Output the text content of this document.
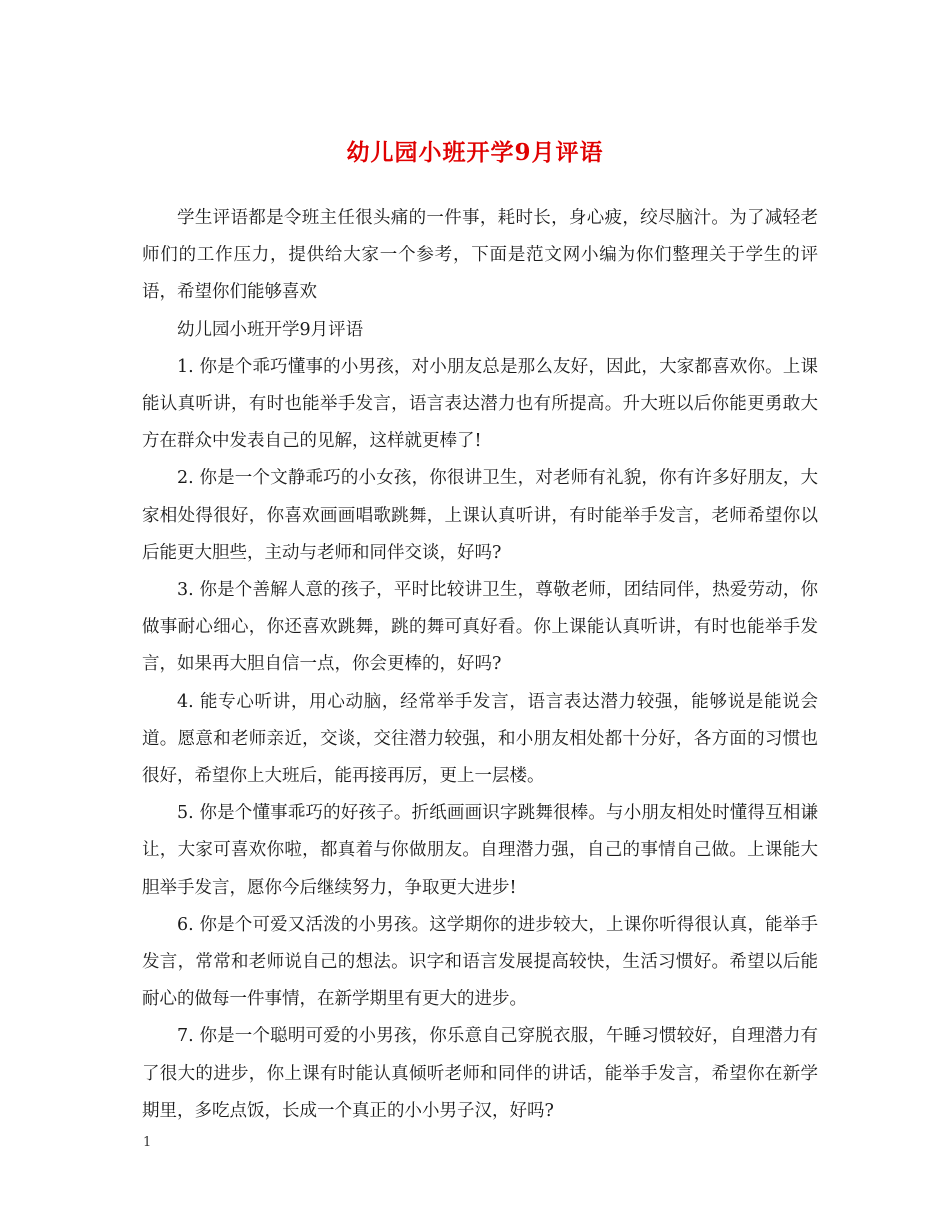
幼儿园小班开学9月评语

学生评语都是令班主任很头痛的一件事，耗时长，身心疲，绞尽脑汁。为了减轻老师们的工作压力，提供给大家一个参考，下面是范文网小编为你们整理关于学生的评语，希望你们能够喜欢

幼儿园小班开学9月评语

1. 你是个乖巧懂事的小男孩，对小朋友总是那么友好，因此，大家都喜欢你。上课能认真听讲，有时也能举手发言，语言表达潜力也有所提高。升大班以后你能更勇敢大方在群众中发表自己的见解，这样就更棒了!

2. 你是一个文静乖巧的小女孩，你很讲卫生，对老师有礼貌，你有许多好朋友，大家相处得很好，你喜欢画画唱歌跳舞，上课认真听讲，有时能举手发言，老师希望你以后能更大胆些，主动与老师和同伴交谈，好吗?

3. 你是个善解人意的孩子，平时比较讲卫生，尊敬老师，团结同伴，热爱劳动，你做事耐心细心，你还喜欢跳舞，跳的舞可真好看。你上课能认真听讲，有时也能举手发言，如果再大胆自信一点，你会更棒的，好吗?

4. 能专心听讲，用心动脑，经常举手发言，语言表达潜力较强，能够说是能说会道。愿意和老师亲近，交谈，交往潜力较强，和小朋友相处都十分好，各方面的习惯也很好，希望你上大班后，能再接再厉，更上一层楼。

5. 你是个懂事乖巧的好孩子。折纸画画识字跳舞很棒。与小朋友相处时懂得互相谦让，大家可喜欢你啦，都真着与你做朋友。自理潜力强，自己的事情自己做。上课能大胆举手发言，愿你今后继续努力，争取更大进步!

6. 你是个可爱又活泼的小男孩。这学期你的进步较大，上课你听得很认真，能举手发言，常常和老师说自己的想法。识字和语言发展提高较快，生活习惯好。希望以后能耐心的做每一件事情，在新学期里有更大的进步。

7. 你是一个聪明可爱的小男孩，你乐意自己穿脱衣服，午睡习惯较好，自理潜力有了很大的进步，你上课有时能认真倾听老师和同伴的讲话，能举手发言，希望你在新学期里，多吃点饭，长成一个真正的小小男子汉，好吗?

1
